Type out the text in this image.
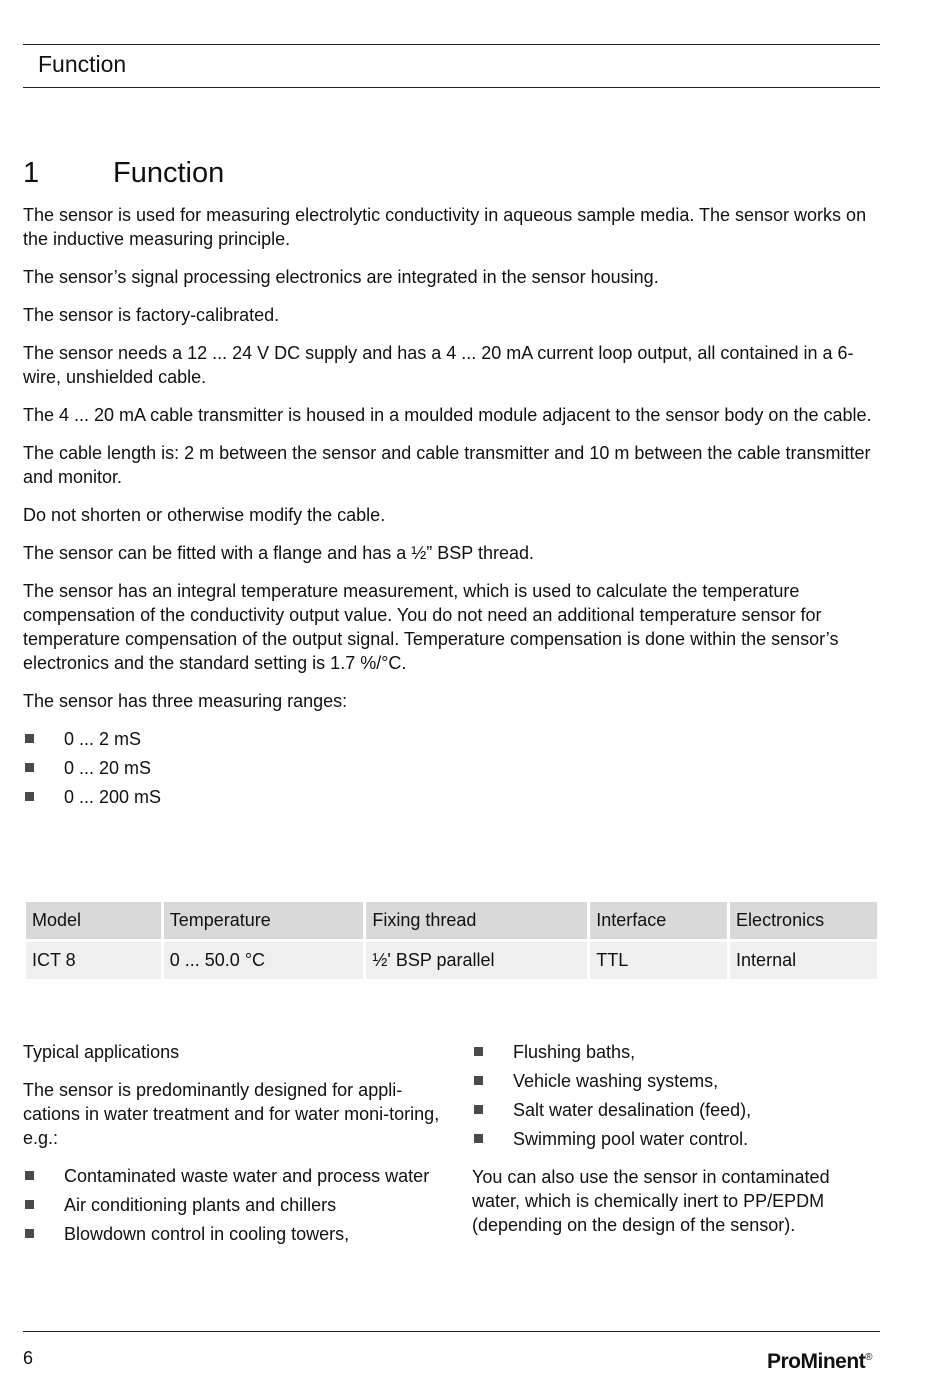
Function
1	Function

The sensor is used for measuring electrolytic conductivity in aqueous sample media. The sensor works on the inductive measuring principle.

The sensor’s signal processing electronics are integrated in the sensor housing.

The sensor is factory-calibrated.

The sensor needs a 12 ... 24 V DC supply and has a 4 ... 20 mA current loop output, all contained in a 6-wire, unshielded cable.

The 4 ... 20 mA cable transmitter is housed in a moulded module adjacent to the sensor body on the cable.

The cable length is: 2 m between the sensor and cable transmitter and 10 m between the cable transmitter and monitor.

Do not shorten or otherwise modify the cable.

The sensor can be fitted with a flange and has a ½” BSP thread.

The sensor has an integral temperature measurement, which is used to calculate the temperature compensation of the conductivity output value. You do not need an additional temperature sensor for temperature compensation of the output signal. Temperature compensation is done within the sensor’s electronics and the standard setting is 1.7 %/°C.

The sensor has three measuring ranges:

0 ... 2 mS
0 ... 20 mS
0 ... 200 mS
Model	Temperature	Fixing thread	Interface	Electronics
ICT 8	0 ... 50.0 °C	½' BSP parallel	TTL	Internal

Typical applications

The sensor is predominantly designed for appli-cations in water treatment and for water moni-toring, e.g.:

Contaminated waste water and process water
Air conditioning plants and chillers
Blowdown control in cooling towers,
Flushing baths,
Vehicle washing systems,
Salt water desalination (feed),
Swimming pool water control.

You can also use the sensor in contaminated water, which is chemically inert to PP/EPDM (depending on the design of the sensor).

6	ProMinent®
